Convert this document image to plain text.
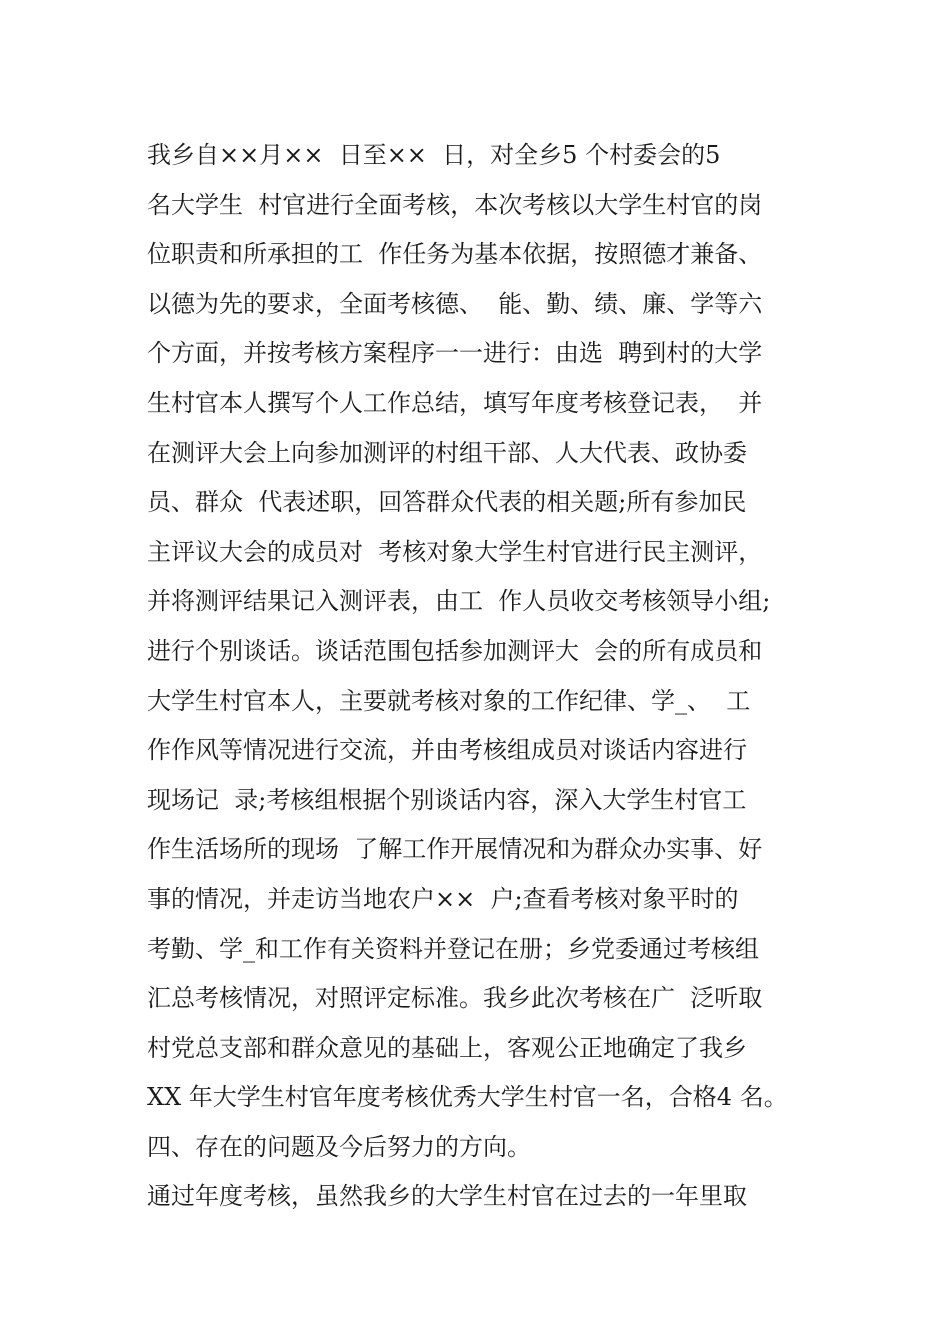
我乡自××月××  日至××  日，对全乡5 个村委会的5
名大学生  村官进行全面考核，本次考核以大学生村官的岗
位职责和所承担的工  作任务为基本依据，按照德才兼备、
以德为先的要求，全面考核德、  能、勤、绩、廉、学等六
个方面，并按考核方案程序一一进行：由选  聘到村的大学
生村官本人撰写个人工作总结，填写年度考核登记表，  并
在测评大会上向参加测评的村组干部、人大代表、政协委
员、群众  代表述职，回答群众代表的相关题;所有参加民
主评议大会的成员对  考核对象大学生村官进行民主测评，
并将测评结果记入测评表，由工  作人员收交考核领导小组;
进行个别谈话。谈话范围包括参加测评大  会的所有成员和
大学生村官本人，主要就考核对象的工作纪律、学_、  工
作作风等情况进行交流，并由考核组成员对谈话内容进行
现场记  录;考核组根据个别谈话内容，深入大学生村官工
作生活场所的现场  了解工作开展情况和为群众办实事、好
事的情况，并走访当地农户××  户;查看考核对象平时的
考勤、学_和工作有关资料并登记在册；乡党委通过考核组
汇总考核情况，对照评定标准。我乡此次考核在广  泛听取
村党总支部和群众意见的基础上，客观公正地确定了我乡
XX 年大学生村官年度考核优秀大学生村官一名，合格4 名。
四、存在的问题及今后努力的方向。
通过年度考核，虽然我乡的大学生村官在过去的一年里取
